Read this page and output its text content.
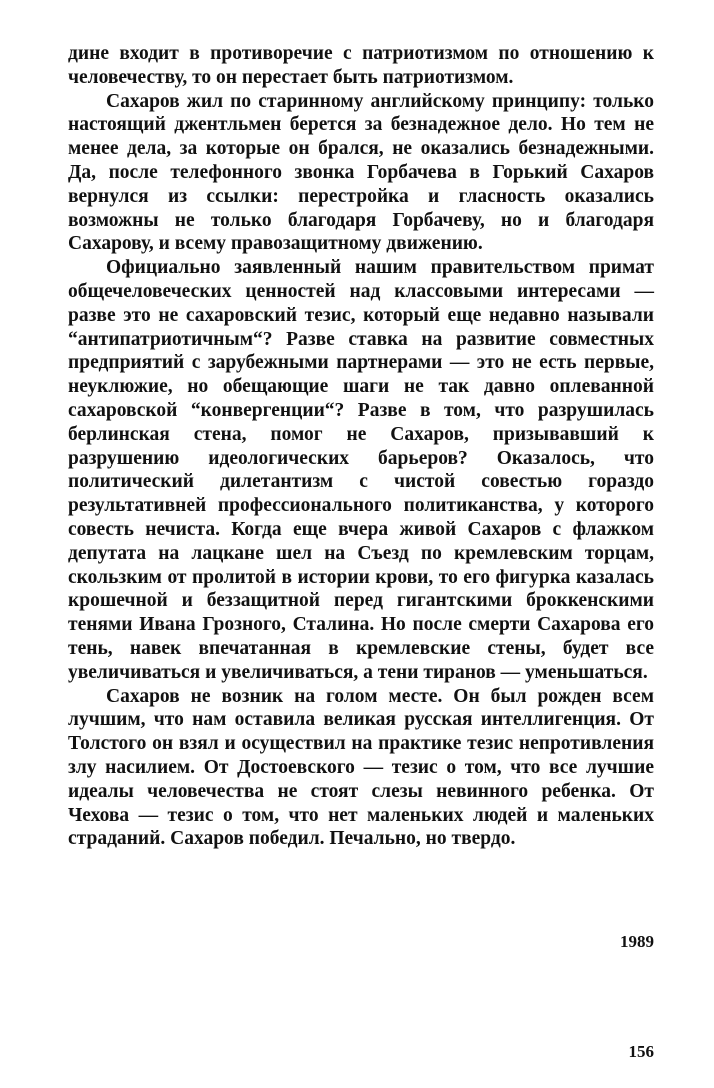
дине входит в противоречие с патриотизмом по отношению к человечеству, то он перестает быть патриотизмом.

Сахаров жил по старинному английскому принципу: только настоящий джентльмен берется за безнадежное дело. Но тем не менее дела, за которые он брался, не оказались безнадежными. Да, после телефонного звонка Горбачева в Горький Сахаров вернулся из ссылки: перестройка и гласность оказались возможны не только благодаря Горбачеву, но и благодаря Сахарову, и всему правозащитному движению.

Официально заявленный нашим правительством примат общечеловеческих ценностей над классовыми интересами — разве это не сахаровский тезис, который еще недавно называли “антипатриотичным“? Разве ставка на развитие совместных предприятий с зарубежными партнерами — это не есть первые, неуклюжие, но обещающие шаги не так давно оплеванной сахаровской “конвергенции“? Разве в том, что разрушилась берлинская стена, помог не Сахаров, призывавший к разрушению идеологических барьеров? Оказалось, что политический дилетантизм с чистой совестью гораздо результативней профессионального политиканства, у которого совесть нечиста. Когда еще вчера живой Сахаров с флажком депутата на лацкане шел на Съезд по кремлевским торцам, скользким от пролитой в истории крови, то его фигурка казалась крошечной и беззащитной перед гигантскими броккенскими тенями Ивана Грозного, Сталина. Но после смерти Сахарова его тень, навек впечатанная в кремлевские стены, будет все увеличиваться и увеличиваться, а тени тиранов — уменьшаться.

Сахаров не возник на голом месте. Он был рожден всем лучшим, что нам оставила великая русская интеллигенция. От Толстого он взял и осуществил на практике тезис непротивления злу насилием. От Достоевского — тезис о том, что все лучшие идеалы человечества не стоят слезы невинного ребенка. От Чехова — тезис о том, что нет маленьких людей и маленьких страданий. Сахаров победил. Печально, но твердо.

1989
156
